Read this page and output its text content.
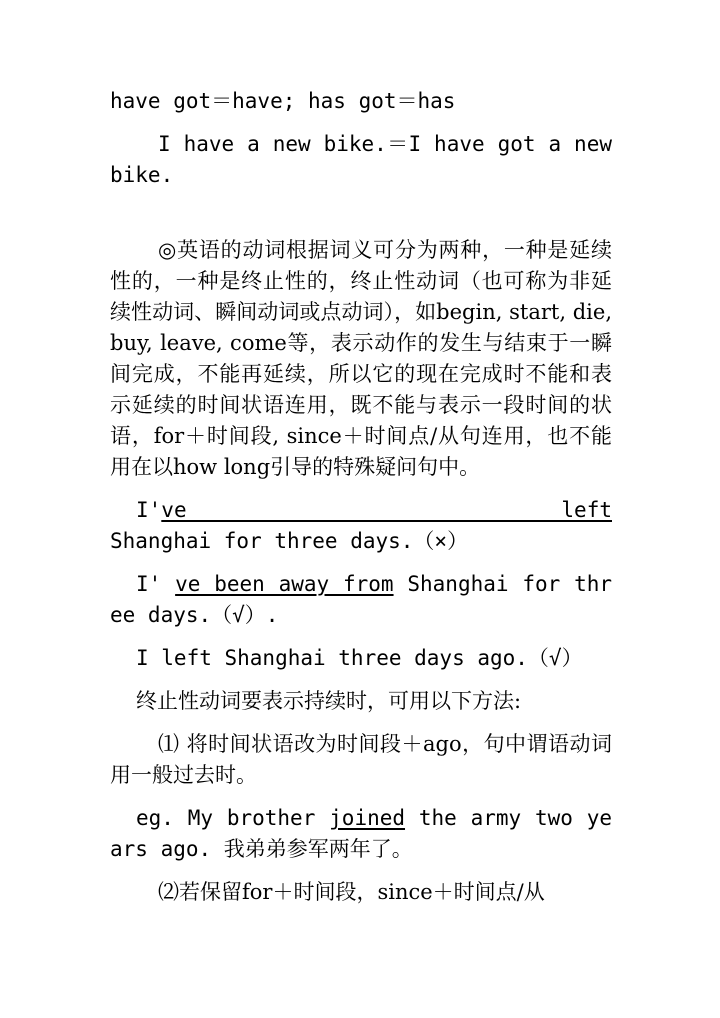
have got＝have; has got＝has

I have a new bike.＝I have got a new bike.

◎英语的动词根据词义可分为两种，一种是延续性的，一种是终止性的，终止性动词（也可称为非延续性动词、瞬间动词或点动词），如begin, start, die, buy, leave, come等，表示动作的发生与结束于一瞬间完成，不能再延续，所以它的现在完成时不能和表示延续的时间状语连用，既不能与表示一段时间的状语，for＋时间段, since＋时间点/从句连用，也不能用在以how long引导的特殊疑问句中。

I've left Shanghai for three days.（×）

I' ve been away from Shanghai for three days.（√）.

I left Shanghai three days ago.（√）

终止性动词要表示持续时，可用以下方法:

⑴ 将时间状语改为时间段＋ago，句中谓语动词用一般过去时。

eg. My brother joined the army two years ago. 我弟弟参军两年了。

⑵若保留for＋时间段，since＋时间点/从
